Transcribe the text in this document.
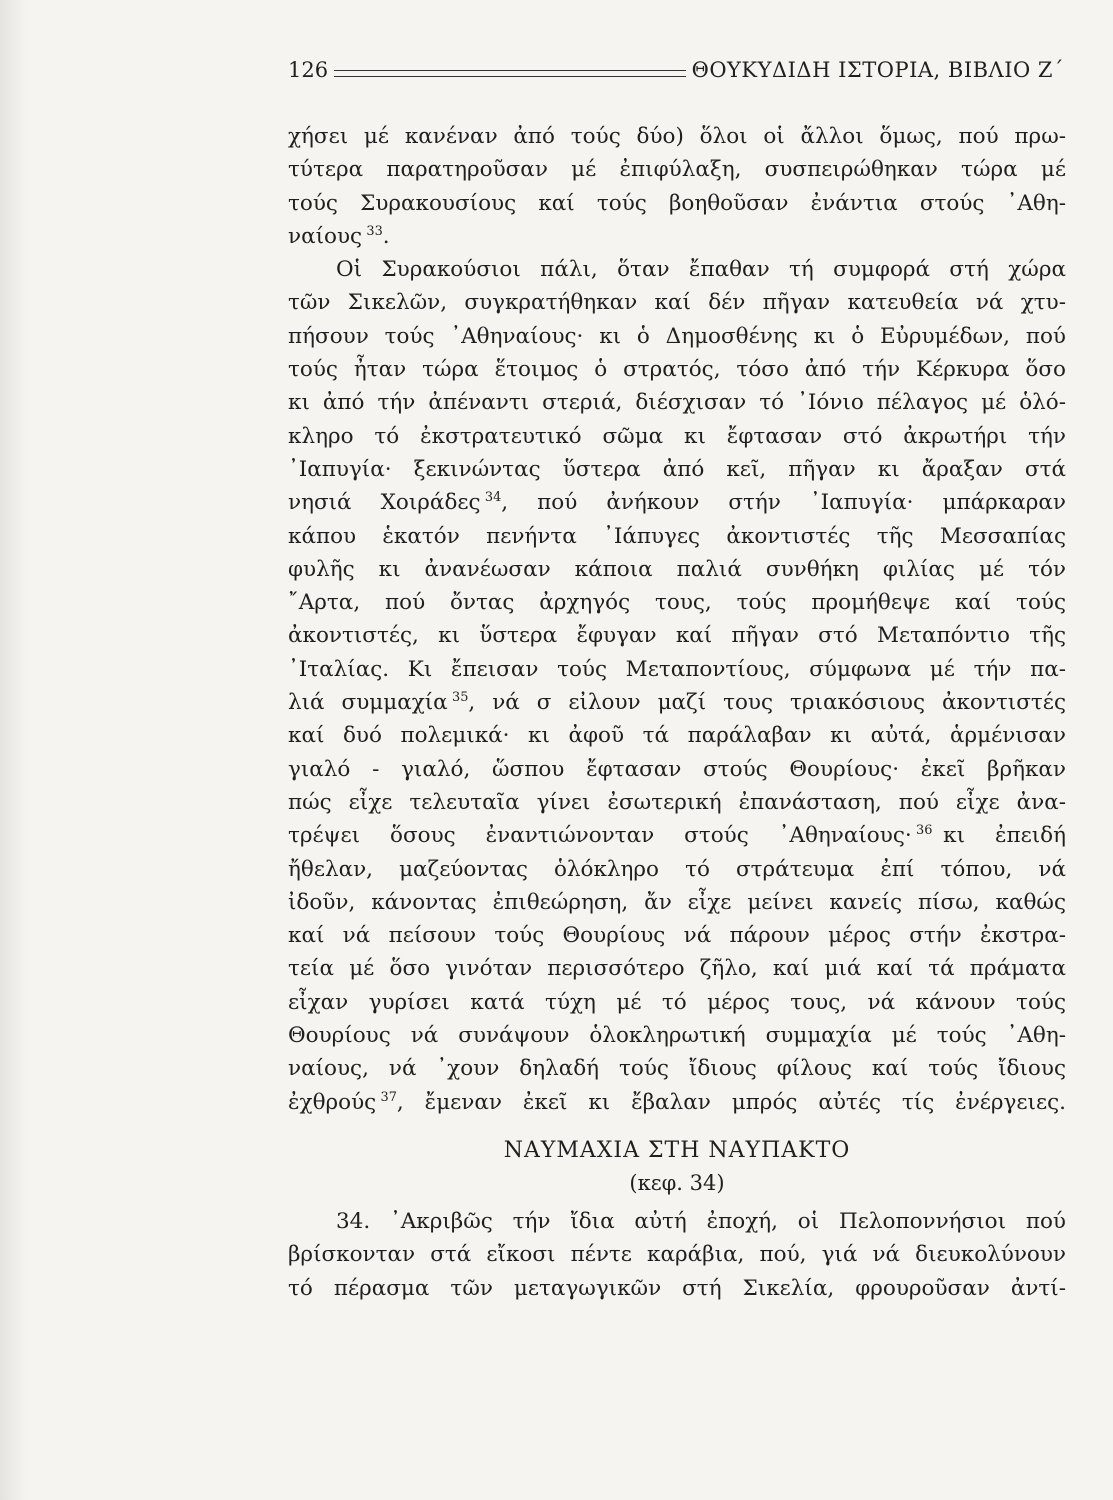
126	ΘΟΥΚΥΔΙΔΗ ΙΣΤΟΡΙΑ, ΒΙΒΛΙΟ Ζ΄

χήσει μέ κανέναν ἀπό τούς δύο) ὅλοι οἱ ἄλλοι ὅμως, πού πρω-

τύτερα παρατηροῦσαν μέ ἐπιφύλαξη, συσπειρώθηκαν τώρα μέ

τούς Συρακουσίους καί τούς βοηθοῦσαν ἐνάντια στούς ᾿Αθη-

ναίους  $^{33}$.

Οἱ Συρακούσιοι πάλι, ὅταν ἔπαθαν τή συμφορά στή χώρα

τῶν Σικελῶν, συγκρατήθηκαν καί δέν πῆγαν κατευθεία νά χτυ-

πήσουν τούς ᾿Αθηναίους· κι ὁ Δημοσθένης κι ὁ Εὐρυμέδων, πού

τούς ἦταν τώρα ἕτοιμος ὁ στρατός, τόσο ἀπό τήν Κέρκυρα ὅσο

κι ἀπό τήν ἀπέναντι στεριά, διέσχισαν τό ᾿Ιόνιο πέλαγος μέ ὁλό-

κληρο τό ἐκστρατευτικό σῶμα κι ἔφτασαν στό ἀκρωτήρι τήν

᾿Ιαπυγία· ξεκινώντας ὕστερα ἀπό κεῖ, πῆγαν κι ἄραξαν στά

νησιά Χοιράδες  $^{34}$, πού ἀνήκουν στήν ᾿Ιαπυγία· μπάρκαραν

κάπου ἑκατόν πενήντα ᾿Ιάπυγες ἀκοντιστές τῆς Μεσσαπίας

φυλῆς κι ἀνανέωσαν κάποια παλιά συνθήκη φιλίας μέ τόν

῎Αρτα, πού ὄντας ἀρχηγός τους, τούς προμήθεψε καί τούς

ἀκοντιστές, κι ὕστερα ἔφυγαν καί πῆγαν στό Μεταπόντιο τῆς

᾿Ιταλίας. Κι ἔπεισαν τούς Μεταποντίους, σύμφωνα μέ τήν πα-

λιά συμμαχία  $^{35}$, νά σ εἰλουν μαζί τους τριακόσιους ἀκοντιστές

καί δυό πολεμικά· κι ἀφοῦ τά παράλαβαν κι αὐτά, ἁρμένισαν

γιαλό - γιαλό, ὥσπου ἔφτασαν στούς Θουρίους· ἐκεῖ βρῆκαν

πώς εἶχε τελευταῖα γίνει ἐσωτερική ἐπανάσταση, πού εἶχε ἀνα-

τρέψει ὅσους ἐναντιώνονταν στούς ᾿Αθηναίους·  $^{36}$  κι ἐπειδή

ἤθελαν, μαζεύοντας ὁλόκληρο τό στράτευμα ἐπί τόπου, νά

ἰδοῦν, κάνοντας ἐπιθεώρηση, ἄν εἶχε μείνει κανείς πίσω, καθώς

καί νά πείσουν τούς Θουρίους νά πάρουν μέρος στήν ἐκστρα-

τεία μέ ὅσο γινόταν περισσότερο ζῆλο, καί μιά καί τά πράματα

εἶχαν γυρίσει κατά τύχη μέ τό μέρος τους, νά κάνουν τούς

Θουρίους νά συνάψουν ὁλοκληρωτική συμμαχία μέ τούς ᾿Αθη-

ναίους, νά ᾿χουν δηλαδή τούς ἴδιους φίλους καί τούς ἴδιους

ἐχθρούς  $^{37}$, ἔμεναν ἐκεῖ κι ἔβαλαν μπρός αὐτές τίς ἐνέργειες.

ΝΑΥΜΑΧΙΑ ΣΤΗ ΝΑΥΠΑΚΤΟ
(κεφ. 34)

34. ᾿Ακριβῶς τήν ἴδια αὐτή ἐποχή, οἱ Πελοποννήσιοι πού

βρίσκονταν στά εἴκοσι πέντε καράβια, πού, γιά νά διευκολύνουν

τό πέρασμα τῶν μεταγωγικῶν στή Σικελία, φρουροῦσαν ἀντί-
